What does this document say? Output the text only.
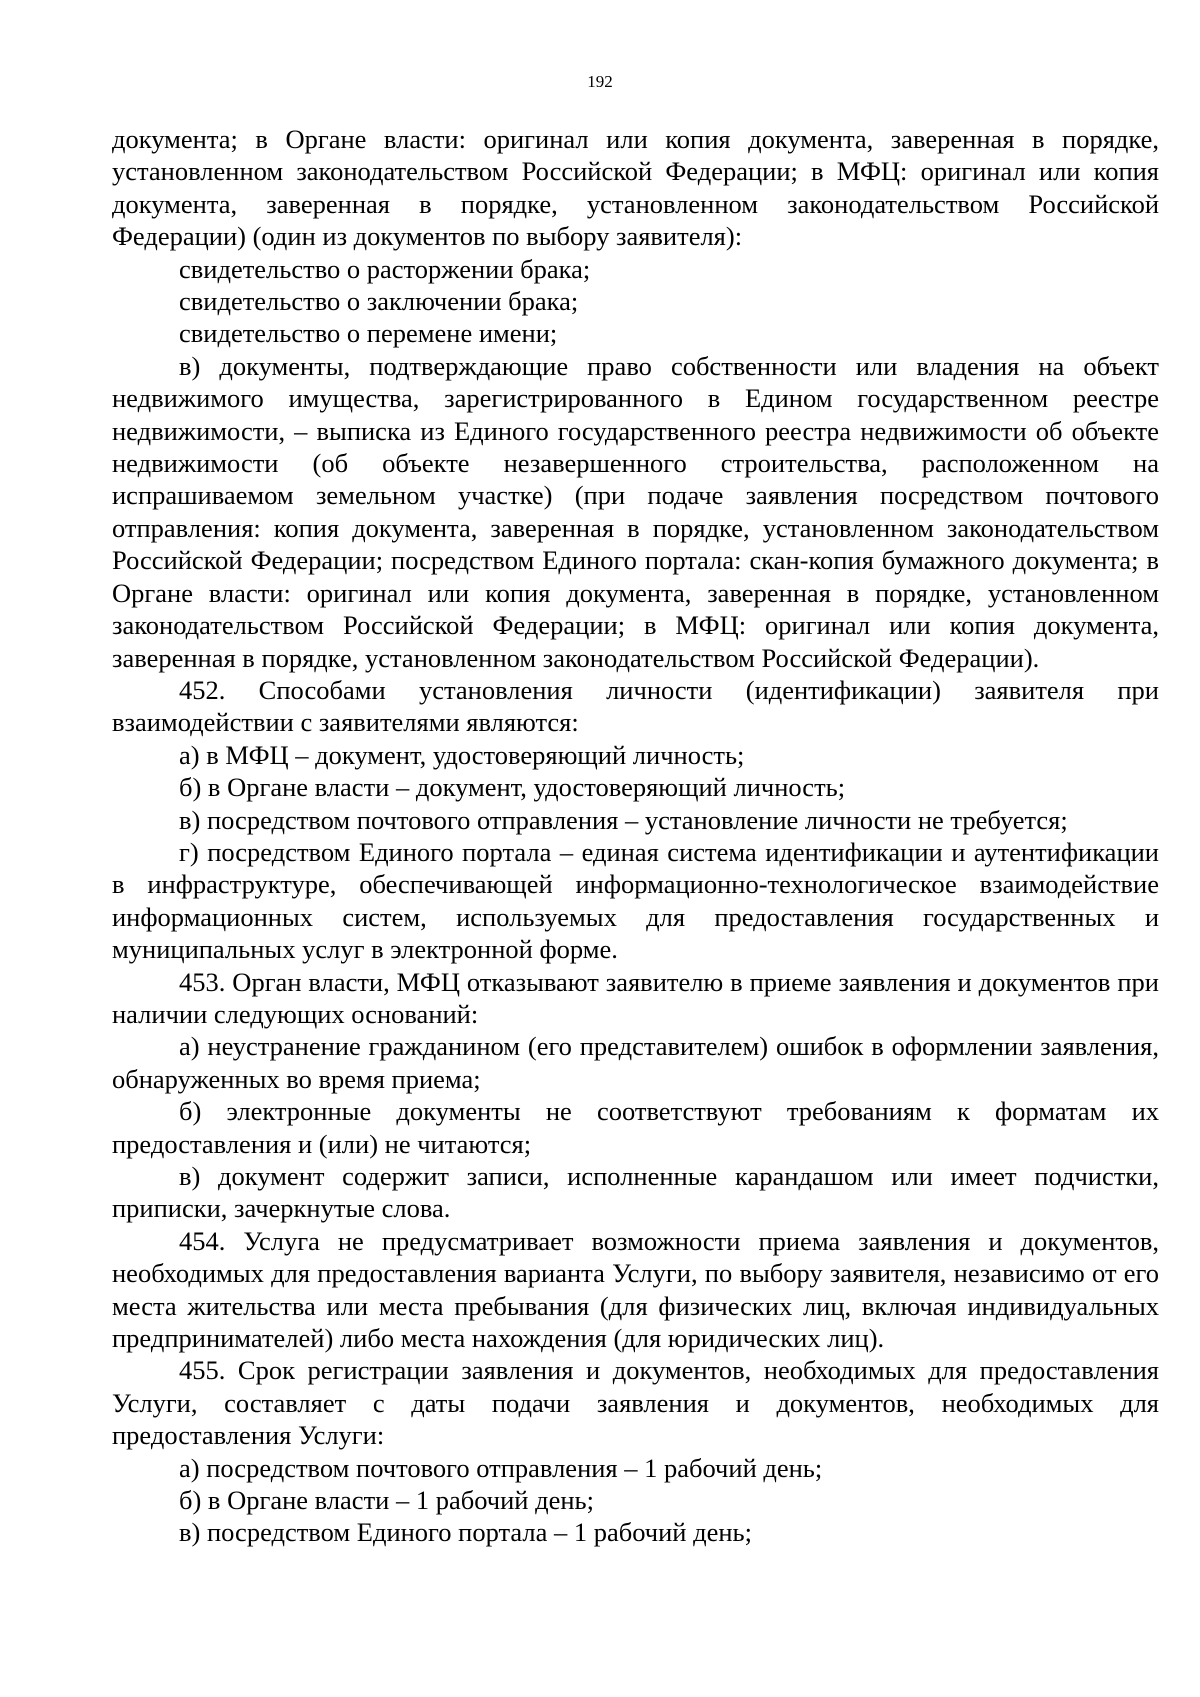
192

документа; в Органе власти: оригинал или копия документа, заверенная в порядке, установленном законодательством Российской Федерации; в МФЦ: оригинал или копия документа, заверенная в порядке, установленном законодательством Российской Федерации) (один из документов по выбору заявителя):

свидетельство о расторжении брака;

свидетельство о заключении брака;

свидетельство о перемене имени;

в) документы, подтверждающие право собственности или владения на объект недвижимого имущества, зарегистрированного в Едином государственном реестре недвижимости, – выписка из Единого государственного реестра недвижимости об объекте недвижимости (об объекте незавершенного строительства, расположенном на испрашиваемом земельном участке) (при подаче заявления посредством почтового отправления: копия документа, заверенная в порядке, установленном законодательством Российской Федерации; посредством Единого портала: скан-копия бумажного документа; в Органе власти: оригинал или копия документа, заверенная в порядке, установленном законодательством Российской Федерации; в МФЦ: оригинал или копия документа, заверенная в порядке, установленном законодательством Российской Федерации).

452. Способами установления личности (идентификации) заявителя при взаимодействии с заявителями являются:

а) в МФЦ – документ, удостоверяющий личность;

б) в Органе власти – документ, удостоверяющий личность;

в) посредством почтового отправления – установление личности не требуется;

г) посредством Единого портала – единая система идентификации и аутентификации в инфраструктуре, обеспечивающей информационно-технологическое взаимодействие информационных систем, используемых для предоставления государственных и муниципальных услуг в электронной форме.

453. Орган власти, МФЦ отказывают заявителю в приеме заявления и документов при наличии следующих оснований:

а) неустранение гражданином (его представителем) ошибок в оформлении заявления, обнаруженных во время приема;

б) электронные документы не соответствуют требованиям к форматам их предоставления и (или) не читаются;

в) документ содержит записи, исполненные карандашом или имеет подчистки, приписки, зачеркнутые слова.

454. Услуга не предусматривает возможности приема заявления и документов, необходимых для предоставления варианта Услуги, по выбору заявителя, независимо от его места жительства или места пребывания (для физических лиц, включая индивидуальных предпринимателей) либо места нахождения (для юридических лиц).

455. Срок регистрации заявления и документов, необходимых для предоставления Услуги, составляет с даты подачи заявления и документов, необходимых для предоставления Услуги:

а) посредством почтового отправления – 1 рабочий день;

б) в Органе власти – 1 рабочий день;

в) посредством Единого портала – 1 рабочий день;
